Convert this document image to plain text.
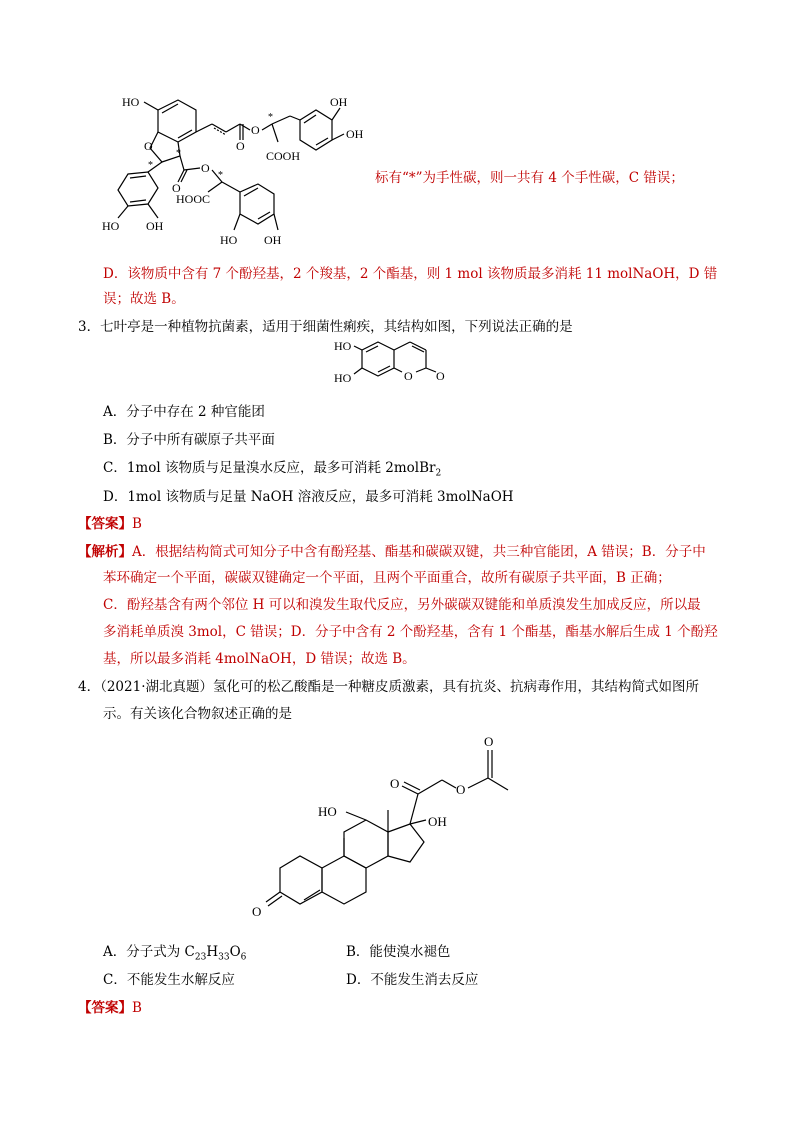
HO	OH
OH
O	O
O
*
COOH
*
*
O
O
*
HOOC
HO OH
HO OH
标有“*”为手性碳，则一共有 4 个手性碳，C 错误；
D．该物质中含有 7 个酚羟基，2 个羧基，2 个酯基，则 1 mol 该物质最多消耗 11 molNaOH，D 错
误；故选 B。
3．七叶亭是一种植物抗菌素，适用于细菌性痢疾，其结构如图，下列说法正确的是
HO
HO	O O
A．分子中存在 2 种官能团
B．分子中所有碳原子共平面
C．1mol 该物质与足量溴水反应，最多可消耗 2molBr$_2$
D．1mol 该物质与足量 NaOH 溶液反应，最多可消耗 3molNaOH
【答案】B
【解析】A．根据结构简式可知分子中含有酚羟基、酯基和碳碳双键，共三种官能团，A 错误；B．分子中
苯环确定一个平面，碳碳双键确定一个平面，且两个平面重合，故所有碳原子共平面，B 正确；
C．酚羟基含有两个邻位 H 可以和溴发生取代反应，另外碳碳双键能和单质溴发生加成反应，所以最
多消耗单质溴 3mol，C 错误；D．分子中含有 2 个酚羟基，含有 1 个酯基，酯基水解后生成 1 个酚羟
基，所以最多消耗 4molNaOH，D 错误；故选 B。
4．（2021·湖北真题）氢化可的松乙酸酯是一种糖皮质激素，具有抗炎、抗病毒作用，其结构简式如图所
示。有关该化合物叙述正确的是
O
O	O
HO
OH
O
A．分子式为 $C_{23}H_{33}O_6$	B．能使溴水褪色
C．不能发生水解反应	D．不能发生消去反应
【答案】B
